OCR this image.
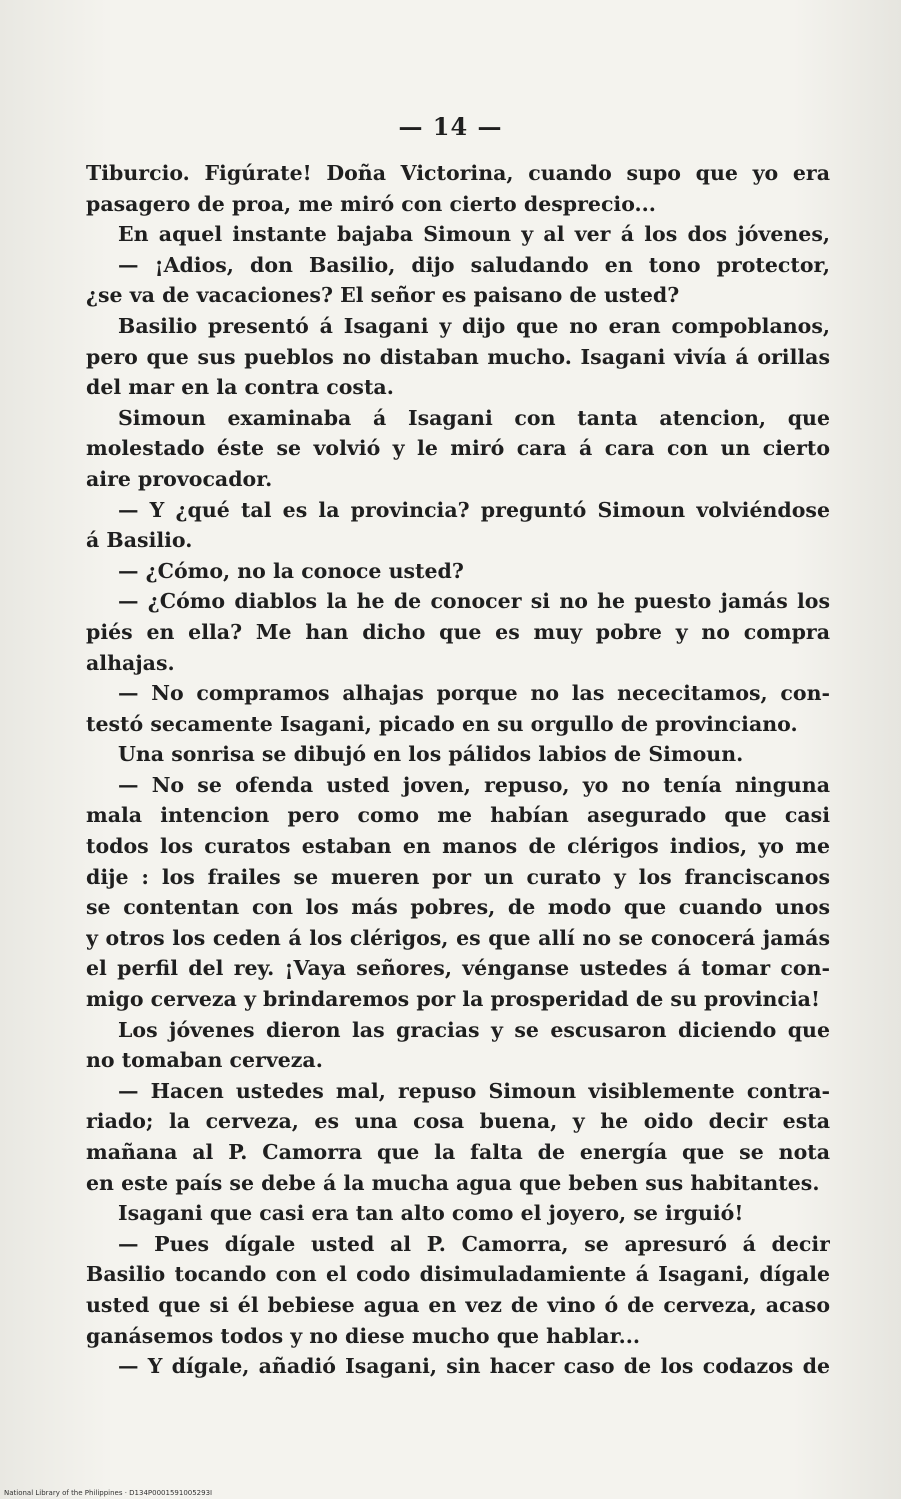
— 14 —
Tiburcio. Figúrate! Doña Victorina, cuando supo que yo era
pasagero de proa, me miró con cierto desprecio...
En aquel instante bajaba Simoun y al ver á los dos jóvenes,
— ¡Adios, don Basilio, dijo saludando en tono protector,
¿se va de vacaciones? El señor es paisano de usted?
Basilio presentó á Isagani y dijo que no eran compoblanos,
pero que sus pueblos no distaban mucho. Isagani vivía á orillas
del mar en la contra costa.
Simoun examinaba á Isagani con tanta atencion, que
molestado éste se volvió y le miró cara á cara con un cierto
aire provocador.
— Y ¿qué tal es la provincia? preguntó Simoun volviéndose
á Basilio.
— ¿Cómo, no la conoce usted?
— ¿Cómo diablos la he de conocer si no he puesto jamás los
piés en ella? Me han dicho que es muy pobre y no compra
alhajas.
— No compramos alhajas porque no las nececitamos, con-
testó secamente Isagani, picado en su orgullo de provinciano.
Una sonrisa se dibujó en los pálidos labios de Simoun.
— No se ofenda usted joven, repuso, yo no tenía ninguna
mala intencion pero como me habían asegurado que casi
todos los curatos estaban en manos de clérigos indios, yo me
dije : los frailes se mueren por un curato y los franciscanos
se contentan con los más pobres, de modo que cuando unos
y otros los ceden á los clérigos, es que allí no se conocerá jamás
el perfil del rey. ¡Vaya señores, vénganse ustedes á tomar con-
migo cerveza y brindaremos por la prosperidad de su provincia!
Los jóvenes dieron las gracias y se escusaron diciendo que
no tomaban cerveza.
— Hacen ustedes mal, repuso Simoun visiblemente contra-
riado; la cerveza, es una cosa buena, y he oido decir esta
mañana al P. Camorra que la falta de energía que se nota
en este país se debe á la mucha agua que beben sus habitantes.
Isagani que casi era tan alto como el joyero, se irguió!
— Pues dígale usted al P. Camorra, se apresuró á decir
Basilio tocando con el codo disimuladamiente á Isagani, dígale
usted que si él bebiese agua en vez de vino ó de cerveza, acaso
ganásemos todos y no diese mucho que hablar...
— Y dígale, añadió Isagani, sin hacer caso de los codazos de
National Library of the Philippines · D134P0001591005293I
